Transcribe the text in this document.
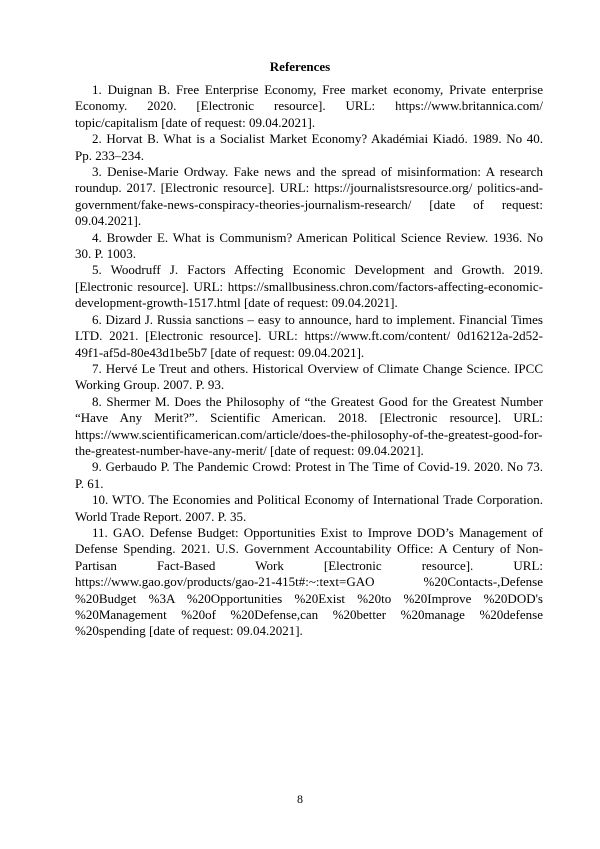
References

1. Duignan B. Free Enterprise Economy, Free market economy, Private enterprise Economy. 2020. [Electronic resource]. URL: https://www.britannica.com/ topic/capitalism [date of request: 09.04.2021].

2. Horvat B. What is a Socialist Market Economy? Akadémiai Kiadó. 1989. No 40. Pp. 233–234.

3. Denise-Marie Ordway. Fake news and the spread of misinformation: A research roundup. 2017. [Electronic resource]. URL: https://journalistsresource.org/ politics-and-government/fake-news-conspiracy-theories-journalism-research/ [date of request: 09.04.2021].

4. Browder E. What is Communism? American Political Science Review. 1936. No 30. P. 1003.

5. Woodruff J. Factors Affecting Economic Development and Growth. 2019. [Electronic resource]. URL: https://smallbusiness.chron.com/factors-affecting-economic-development-growth-1517.html [date of request: 09.04.2021].

6. Dizard J. Russia sanctions – easy to announce, hard to implement. Financial Times LTD. 2021. [Electronic resource]. URL: https://www.ft.com/content/ 0d16212a-2d52-49f1-af5d-80e43d1be5b7 [date of request: 09.04.2021].

7. Hervé Le Treut and others. Historical Overview of Climate Change Science. IPCC Working Group. 2007. P. 93.

8. Shermer M. Does the Philosophy of “the Greatest Good for the Greatest Number “Have Any Merit?”. Scientific American. 2018. [Electronic resource]. URL: https://www.scientificamerican.com/article/does-the-philosophy-of-the-greatest-good-for-the-greatest-number-have-any-merit/ [date of request: 09.04.2021].

9. Gerbaudo P. The Pandemic Crowd: Protest in The Time of Covid-19. 2020. No 73. P. 61.

10. WTO. The Economies and Political Economy of International Trade Corporation. World Trade Report. 2007. P. 35.

11. GAO. Defense Budget: Opportunities Exist to Improve DOD’s Management of Defense Spending. 2021. U.S. Government Accountability Office: A Century of Non-Partisan Fact-Based Work [Electronic resource]. URL: https://www.gao.gov/products/gao-21-415t#:~:text=GAO %20Contacts-,Defense %20Budget %3A %20Opportunities %20Exist %20to %20Improve %20DOD's %20Management %20of %20Defense,can %20better %20manage %20defense %20spending [date of request: 09.04.2021].

8
